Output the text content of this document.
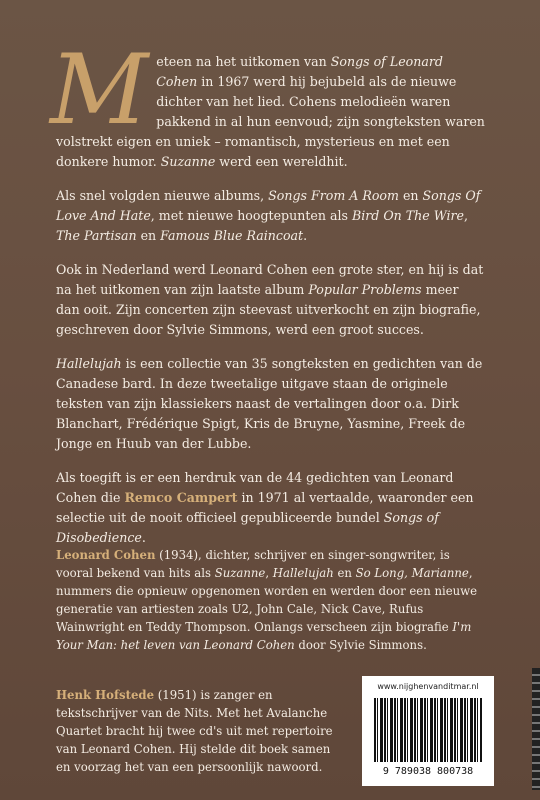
Meteen na het uitkomen van Songs of Leonard Cohen in 1967 werd hij bejubeld als de nieuwe dichter van het lied. Cohens melodieën waren pakkend in al hun eenvoud; zijn songteksten waren volstrekt eigen en uniek – romantisch, mysterieus en met een donkere humor. Suzanne werd een wereldhit.

Als snel volgden nieuwe albums, Songs From A Room en Songs Of Love And Hate, met nieuwe hoogtepunten als Bird On The Wire, The Partisan en Famous Blue Raincoat.

Ook in Nederland werd Leonard Cohen een grote ster, en hij is dat na het uitkomen van zijn laatste album Popular Problems meer dan ooit. Zijn concerten zijn steevast uitverkocht en zijn biografie, geschreven door Sylvie Simmons, werd een groot succes.

Hallelujah is een collectie van 35 songteksten en gedichten van de Canadese bard. In deze tweetalige uitgave staan de originele teksten van zijn klassiekers naast de vertalingen door o.a. Dirk Blanchart, Frédérique Spigt, Kris de Bruyne, Yasmine, Freek de Jonge en Huub van der Lubbe.

Als toegift is er een herdruk van de 44 gedichten van Leonard Cohen die Remco Campert in 1971 al vertaalde, waaronder een selectie uit de nooit officieel gepubliceerde bundel Songs of Disobedience.

Leonard Cohen (1934), dichter, schrijver en singer-songwriter, is vooral bekend van hits als Suzanne, Hallelujah en So Long, Marianne, nummers die opnieuw opgenomen worden en werden door een nieuwe generatie van artiesten zoals U2, John Cale, Nick Cave, Rufus Wainwright en Teddy Thompson. Onlangs verscheen zijn biografie I'm Your Man: het leven van Leonard Cohen door Sylvie Simmons.

Henk Hofstede (1951) is zanger en tekstschrijver van de Nits. Met het Avalanche Quartet bracht hij twee cd's uit met repertoire van Leonard Cohen. Hij stelde dit boek samen en voorzag het van een persoonlijk nawoord.

www.nijghenvanditmar.nl
9 789038 800738
